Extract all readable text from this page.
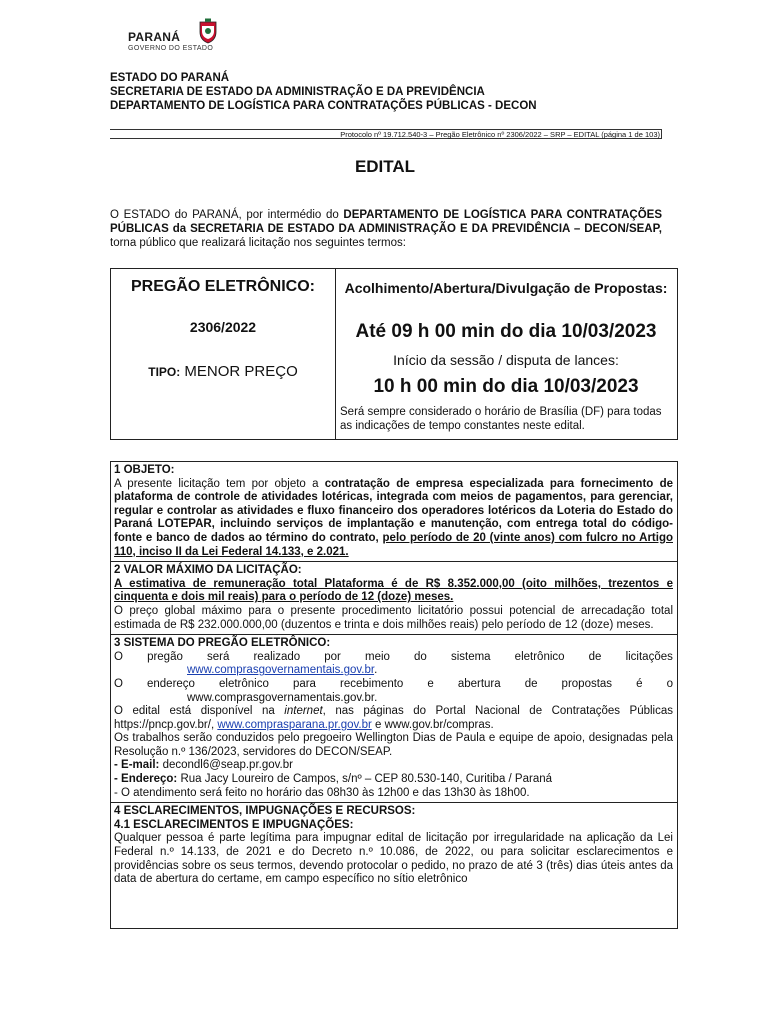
PARANÁ
GOVERNO DO ESTADO
ESTADO DO PARANÁ
SECRETARIA DE ESTADO DA ADMINISTRAÇÃO E DA PREVIDÊNCIA
DEPARTAMENTO DE LOGÍSTICA PARA CONTRATAÇÕES PÚBLICAS - DECON
Protocolo nº 19.712.540-3 – Pregão Eletrônico nº 2306/2022 – SRP – EDITAL (página 1 de 103)
EDITAL
O ESTADO do PARANÁ, por intermédio do DEPARTAMENTO DE LOGÍSTICA PARA CONTRATAÇÕES PÚBLICAS da SECRETARIA DE ESTADO DA ADMINISTRAÇÃO E DA PREVIDÊNCIA – DECON/SEAP, torna público que realizará licitação nos seguintes termos:
PREGÃO ELETRÔNICO:
2306/2022
TIPO: MENOR PREÇO
Acolhimento/Abertura/Divulgação de Propostas:
Até 09 h 00 min do dia 10/03/2023
Início da sessão / disputa de lances:
10 h 00 min do dia 10/03/2023
Será sempre considerado o horário de Brasília (DF) para todas as indicações de tempo constantes neste edital.
1 OBJETO:
A presente licitação tem por objeto a contratação de empresa especializada para fornecimento de plataforma de controle de atividades lotéricas, integrada com meios de pagamentos, para gerenciar, regular e controlar as atividades e fluxo financeiro dos operadores lotéricos da Loteria do Estado do Paraná LOTEPAR, incluindo serviços de implantação e manutenção, com entrega total do código-fonte e banco de dados ao término do contrato, pelo período de 20 (vinte anos) com fulcro no Artigo 110, inciso II da Lei Federal 14.133, e 2.021.
2 VALOR MÁXIMO DA LICITAÇÃO:
A estimativa de remuneração total Plataforma é de R$ 8.352.000,00 (oito milhões, trezentos e cinquenta e dois mil reais) para o período de 12 (doze) meses.
O preço global máximo para o presente procedimento licitatório possui potencial de arrecadação total estimada de R$ 232.000.000,00 (duzentos e trinta e dois milhões reais) pelo período de 12 (doze) meses.
3 SISTEMA DO PREGÃO ELETRÔNICO:
O pregão será realizado por meio do sistema eletrônico de licitações
www.comprasgovernamentais.gov.br.
O endereço eletrônico para recebimento e abertura de propostas é o
www.comprasgovernamentais.gov.br.
O edital está disponível na internet, nas páginas do Portal Nacional de Contratações Públicas https://pncp.gov.br/, www.comprasparana.pr.gov.br e www.gov.br/compras.
Os trabalhos serão conduzidos pelo pregoeiro Wellington Dias de Paula e equipe de apoio, designadas pela Resolução n.º 136/2023, servidores do DECON/SEAP.
- E-mail: decondl6@seap.pr.gov.br
- Endereço: Rua Jacy Loureiro de Campos, s/nº – CEP 80.530-140, Curitiba / Paraná
- O atendimento será feito no horário das 08h30 às 12h00 e das 13h30 às 18h00.
4 ESCLARECIMENTOS, IMPUGNAÇÕES E RECURSOS:
4.1 ESCLARECIMENTOS E IMPUGNAÇÕES:
Qualquer pessoa é parte legítima para impugnar edital de licitação por irregularidade na aplicação da Lei Federal n.º 14.133, de 2021 e do Decreto n.º 10.086, de 2022, ou para solicitar esclarecimentos e providências sobre os seus termos, devendo protocolar o pedido, no prazo de até 3 (três) dias úteis antes da data de abertura do certame, em campo específico no sítio eletrônico
